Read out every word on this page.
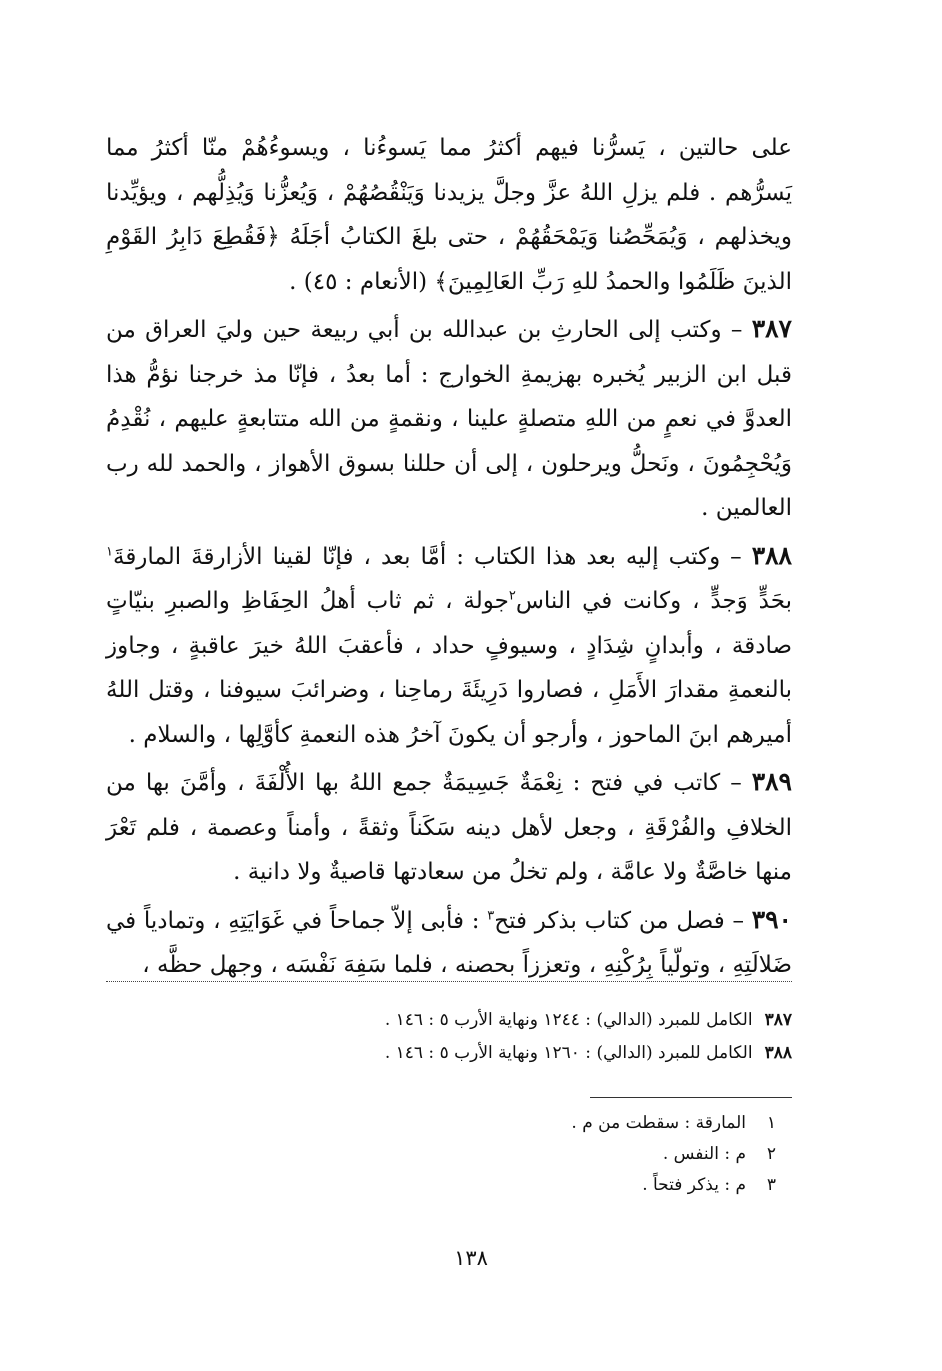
على حالتين ، يَسرُّنا فيهم أكثرُ مما يَسوءُنا ، ويسوءُهُمْ منّا أكثرُ مما يَسرُّهم . فلم يزلِ اللهُ عزَّ وجلَّ يزيدنا وَيَنْقُصُهُمْ ، وَيُعزُّنا وَيُذِلُّهم ، ويؤيِّدنا ويخذلهم ، وَيُمَحِّصُنا وَيَمْحَقُهُمْ ، حتى بلغَ الكتابُ أجَلَهُ ﴿فَقُطِعَ دَابِرُ القَوْمِ الذينَ ظَلَمُوا والحمدُ للهِ رَبِّ العَالِمِينَ﴾ (الأنعام : ٤٥) .

٣٨٧ – وكتب إلى الحارثِ بن عبدالله بن أبي ربيعة حين وليَ العراق من قبل ابن الزبير يُخبره بهزيمةِ الخوارج : أما بعدُ ، فإنّا مذ خرجنا نؤمُّ هذا العدوَّ في نعمٍ من اللهِ متصلةٍ علينا ، ونقمةٍ من الله متتابعةٍ عليهم ، نُقْدِمُ وَيُحْجِمُونَ ، ونَحلُّ ويرحلون ، إلى أن حللنا بسوق الأهواز ، والحمد لله رب العالمين .

٣٨٨ – وكتب إليه بعد هذا الكتاب : أمَّا بعد ، فإنّا لقينا الأزارقةَ المارقةَ$^١$ بحَدٍّ وَجدٍّ ، وكانت في الناس$^٢$جولة ، ثم ثاب أهلُ الحِفَاظِ والصبرِ بنيّاتٍ صادقة ، وأبدانٍ شِدَادٍ ، وسيوفٍ حداد ، فأعقبَ اللهُ خيرَ عاقبةٍ ، وجاوز بالنعمةِ مقدارَ الأَمَلِ ، فصاروا دَرِيئَةَ رماحِنا ، وضرائبَ سيوفنا ، وقتل اللهُ أميرهم ابنَ الماحوز ، وأرجو أن يكونَ آخرُ هذه النعمةِ كأوَّلِها ، والسلام .

٣٨٩ – كاتب في فتح : نِعْمَةٌ جَسِيمَةٌ جمع اللهُ بها الأُلْفَةَ ، وأمَّنَ بها من الخلافِ والفُرْقَةِ ، وجعل لأهل دينه سَكَناً وثقةً ، وأمناً وعصمة ، فلم تَعْرَ منها خاصَّةٌ ولا عامَّة ، ولم تخلُ من سعادتها قاصيةٌ ولا دانية .

٣٩٠ – فصل من كتاب بذكر فتح$^٣$ : فأبى إلاّ جماحاً في غَوَايَتِهِ ، وتمادياً في ضَلالَتِهِ ، وتولّياً بِرُكْنِهِ ، وتعززاً بحصنه ، فلما سَفِهَ نَفْسَه ، وجهل حظَّه ،

٣٨٧الكامل للمبرد (الدالي) : ١٢٤٤ ونهاية الأرب ٥ : ١٤٦ .
٣٨٨الكامل للمبرد (الدالي) : ١٢٦٠ ونهاية الأرب ٥ : ١٤٦ .
١المارقة : سقطت من م .
٢م : النفس .
٣م : يذكر فتحاً .
١٣٨
